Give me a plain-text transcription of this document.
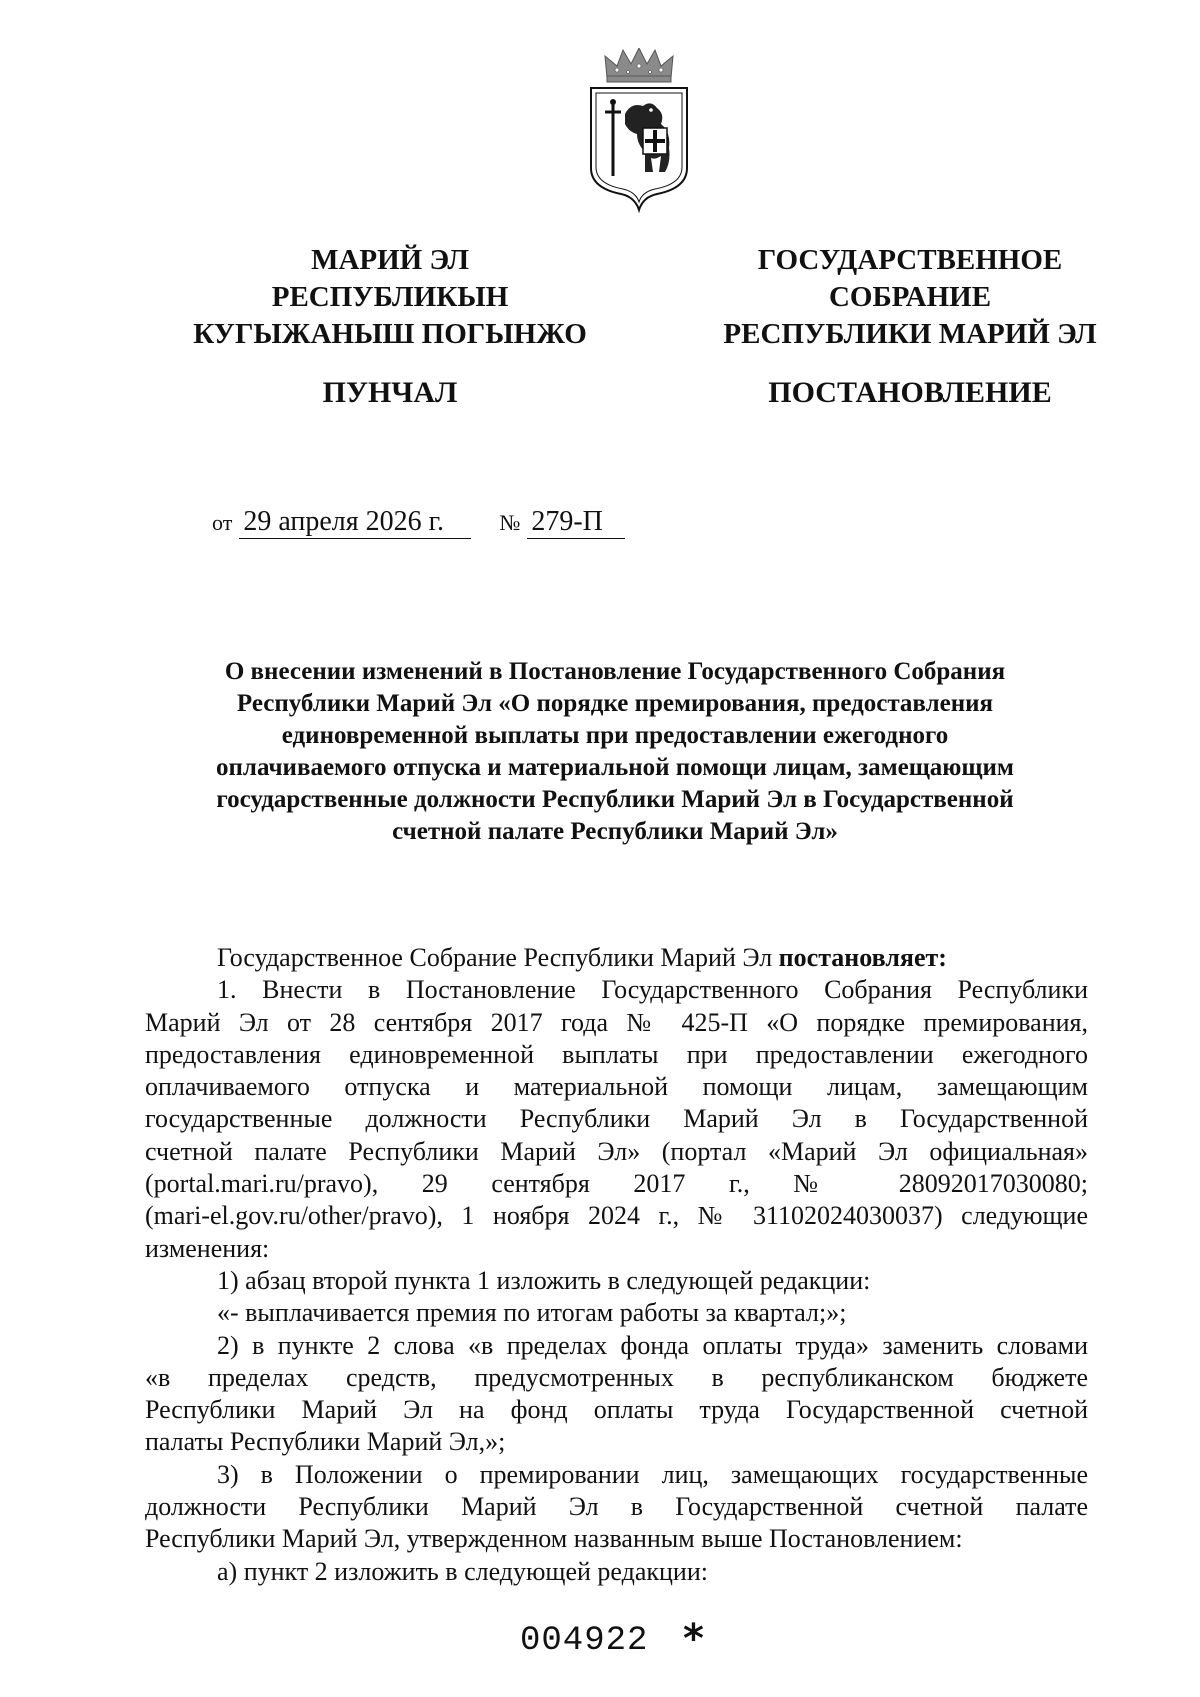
МАРИЙ ЭЛ
РЕСПУБЛИКЫН
КУГЫЖАНЫШ ПОГЫНЖО
ПУНЧАЛ
ГОСУДАРСТВЕННОЕ
СОБРАНИЕ
РЕСПУБЛИКИ МАРИЙ ЭЛ
ПОСТАНОВЛЕНИЕ
от 29 апреля 2026 г.	№ 279-П
О внесении изменений в Постановление Государственного Собрания
Республики Марий Эл «О порядке премирования, предоставления
единовременной выплаты при предоставлении ежегодного
оплачиваемого отпуска и материальной помощи лицам, замещающим
государственные должности Республики Марий Эл в Государственной
счетной палате Республики Марий Эл»
Государственное Собрание Республики Марий Эл постановляет:
1. Внести в Постановление Государственного Собрания Республики
Марий Эл от 28 сентября 2017 года № 425-П «О порядке премирования,
предоставления единовременной выплаты при предоставлении ежегодного
оплачиваемого отпуска и материальной помощи лицам, замещающим
государственные должности Республики Марий Эл в Государственной
счетной палате Республики Марий Эл» (портал «Марий Эл официальная»
(portal.mari.ru/pravo), 29 сентября 2017 г., № 28092017030080;
(mari-el.gov.ru/other/pravo), 1 ноября 2024 г., № 31102024030037) следующие
изменения:
1) абзац второй пункта 1 изложить в следующей редакции:
«- выплачивается премия по итогам работы за квартал;»;
2) в пункте 2 слова «в пределах фонда оплаты труда» заменить словами
«в пределах средств, предусмотренных в республиканском бюджете
Республики Марий Эл на фонд оплаты труда Государственной счетной
палаты Республики Марий Эл,»;
3) в Положении о премировании лиц, замещающих государственные
должности Республики Марий Эл в Государственной счетной палате
Республики Марий Эл, утвержденном названным выше Постановлением:
а) пункт 2 изложить в следующей редакции:
004922 *
